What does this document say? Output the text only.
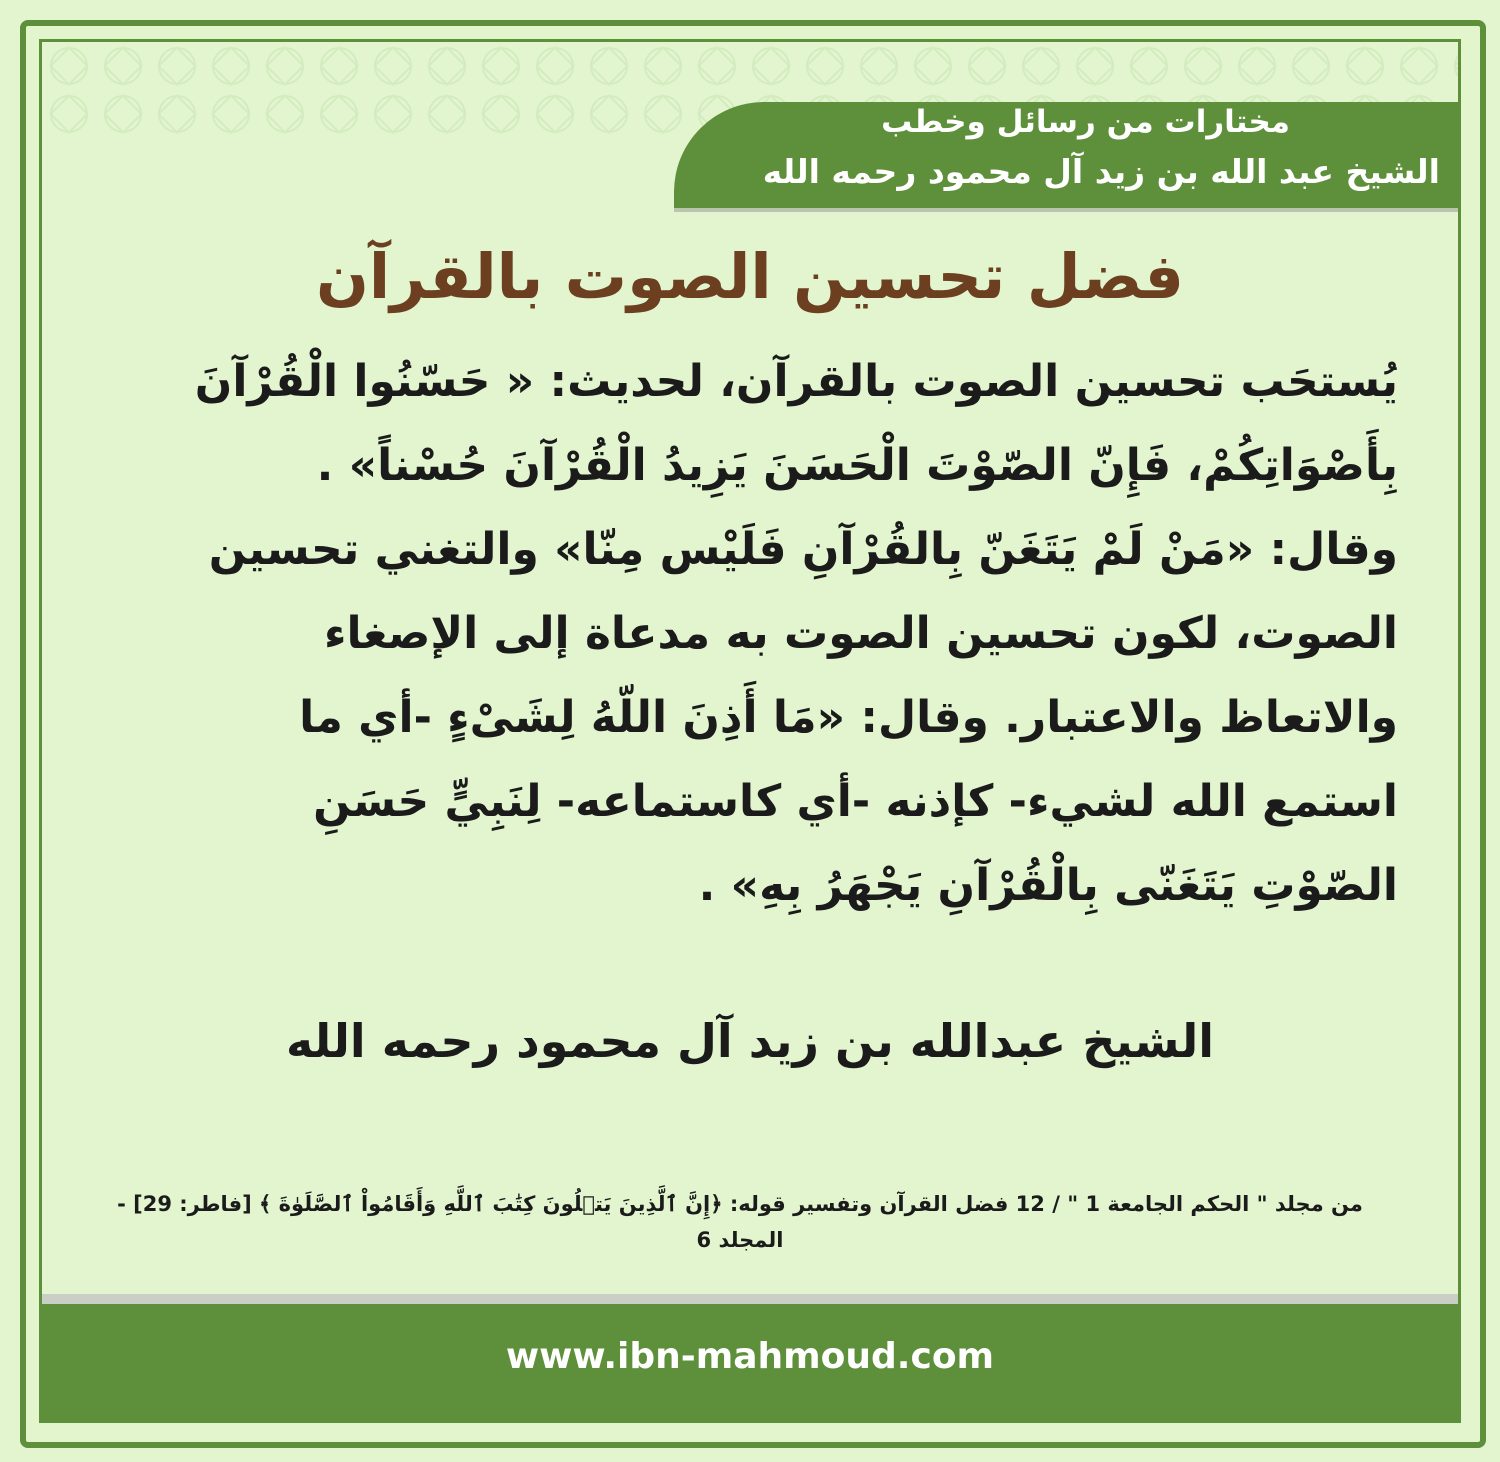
مختارات من رسائل وخطب
الشيخ عبد الله بن زيد آل محمود رحمه الله
فضل تحسين الصوت بالقرآن

يُستحَب تحسين الصوت بالقرآن، لحديث: « حَسّنُوا الْقُرْآنَ بِأَصْوَاتِكُمْ، فَإِنّ الصّوْتَ الْحَسَنَ يَزِيدُ الْقُرْآنَ حُسْناً» . وقال: «مَنْ لَمْ يَتَغَنّ بِالقُرْآنِ فَلَيْس مِنّا» والتغني تحسين الصوت، لكون تحسين الصوت به مدعاة إلى الإصغاء والاتعاظ والاعتبار. وقال: «مَا أَذِنَ اللّهُ لِشَىْءٍ -أي ما استمع الله لشيء- كإذنه -أي كاستماعه- لِنَبِيٍّ حَسَنِ الصّوْتِ يَتَغَنّى بِالْقُرْآنِ يَجْهَرُ بِهِ» .

الشيخ عبدالله بن زيد آل محمود رحمه الله

من مجلد " الحكم الجامعة 1 " / 12 فضل القرآن وتفسير قوله: ﴿إِنَّ ٱلَّذِينَ يَتۡلُونَ كِتَٰبَ ٱللَّهِ وَأَقَامُواْ ٱلصَّلَوٰةَ ﴾ [فاطر: 29] - المجلد 6

www.ibn-mahmoud.com
